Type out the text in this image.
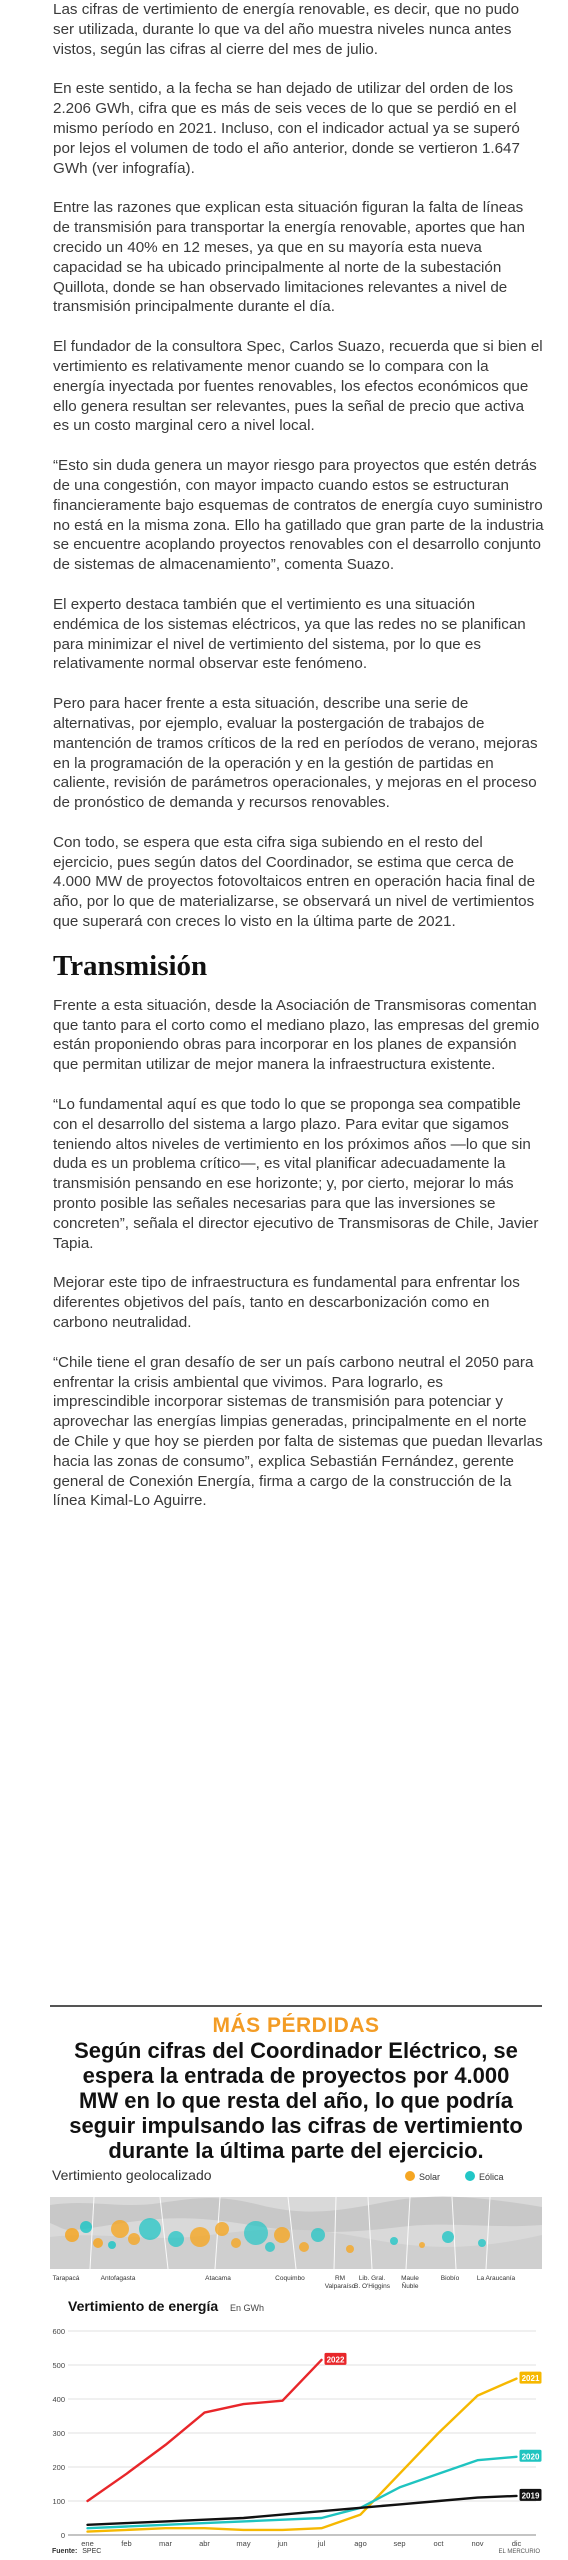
Las cifras de vertimiento de energía renovable, es decir, que no pudo ser utilizada, durante lo que va del año muestra niveles nunca antes vistos, según las cifras al cierre del mes de julio.

En este sentido, a la fecha se han dejado de utilizar del orden de los 2.206 GWh, cifra que es más de seis veces de lo que se perdió en el mismo período en 2021. Incluso, con el indicador actual ya se superó por lejos el volumen de todo el año anterior, donde se vertieron 1.647 GWh (ver infografía).

Entre las razones que explican esta situación figuran la falta de líneas de transmisión para transportar la energía renovable, aportes que han crecido un 40% en 12 meses, ya que en su mayoría esta nueva capacidad se ha ubicado principalmente al norte de la subestación Quillota, donde se han observado limitaciones relevantes a nivel de transmisión principalmente durante el día.

El fundador de la consultora Spec, Carlos Suazo, recuerda que si bien el vertimiento es relativamente menor cuando se lo compara con la energía inyectada por fuentes renovables, los efectos económicos que ello genera resultan ser relevantes, pues la señal de precio que activa es un costo marginal cero a nivel local.

“Esto sin duda genera un mayor riesgo para proyectos que estén detrás de una congestión, con mayor impacto cuando estos se estructuran financieramente bajo esquemas de contratos de energía cuyo suministro no está en la misma zona. Ello ha gatillado que gran parte de la industria se encuentre acoplando proyectos renovables con el desarrollo conjunto de sistemas de almacenamiento”, comenta Suazo.

El experto destaca también que el vertimiento es una situación endémica de los sistemas eléctricos, ya que las redes no se planifican para minimizar el nivel de vertimiento del sistema, por lo que es relativamente normal observar este fenómeno.

Pero para hacer frente a esta situación, describe una serie de alternativas, por ejemplo, evaluar la postergación de trabajos de mantención de tramos críticos de la red en períodos de verano, mejoras en la programación de la operación y en la gestión de partidas en caliente, revisión de parámetros operacionales, y mejoras en el proceso de pronóstico de demanda y recursos renovables.

Con todo, se espera que esta cifra siga subiendo en el resto del ejercicio, pues según datos del Coordinador, se estima que cerca de 4.000 MW de proyectos fotovoltaicos entren en operación hacia final de año, por lo que de materializarse, se observará un nivel de vertimientos que superará con creces lo visto en la última parte de 2021.

Transmisión

Frente a esta situación, desde la Asociación de Transmisoras comentan que tanto para el corto como el mediano plazo, las empresas del gremio están proponiendo obras para incorporar en los planes de expansión que permitan utilizar de mejor manera la infraestructura existente.

“Lo fundamental aquí es que todo lo que se proponga sea compatible con el desarrollo del sistema a largo plazo. Para evitar que sigamos teniendo altos niveles de vertimiento en los próximos años —lo que sin duda es un problema crítico—, es vital planificar adecuadamente la transmisión pensando en ese horizonte; y, por cierto, mejorar lo más pronto posible las señales necesarias para que las inversiones se concreten”, señala el director ejecutivo de Transmisoras de Chile, Javier Tapia.

Mejorar este tipo de infraestructura es fundamental para enfrentar los diferentes objetivos del país, tanto en descarbonización como en carbono neutralidad.

“Chile tiene el gran desafío de ser un país carbono neutral el 2050 para enfrentar la crisis ambiental que vivimos. Para lograrlo, es imprescindible incorporar sistemas de transmisión para potenciar y aprovechar las energías limpias generadas, principalmente en el norte de Chile y que hoy se pierden por falta de sistemas que puedan llevarlas hacia las zonas de consumo”, explica Sebastián Fernández, gerente general de Conexión Energía, firma a cargo de la construcción de la línea Kimal-Lo Aguirre.

MÁS PÉRDIDAS
Según cifras del Coordinador Eléctrico, se espera la entrada de proyectos por 4.000 MW en lo que resta del año, lo que podría seguir impulsando las cifras de vertimiento durante la última parte del ejercicio.
Vertimiento geolocalizado	Solar	Eólica
Tarapacá	Antofagasta	Atacama	Coquimbo	RM Valparaíso
Lib. Gral. B. O'Higgins
Maule Ñuble
Biobío	La Araucanía
Vertimiento de energía En GWh
0
100
200
300
400
500
600
ene	feb	mar	abr	may	jun	jul	ago	sep	oct	nov	dic
2022
2021
2020
2019
Fuente: SPEC	EL MERCURIO
